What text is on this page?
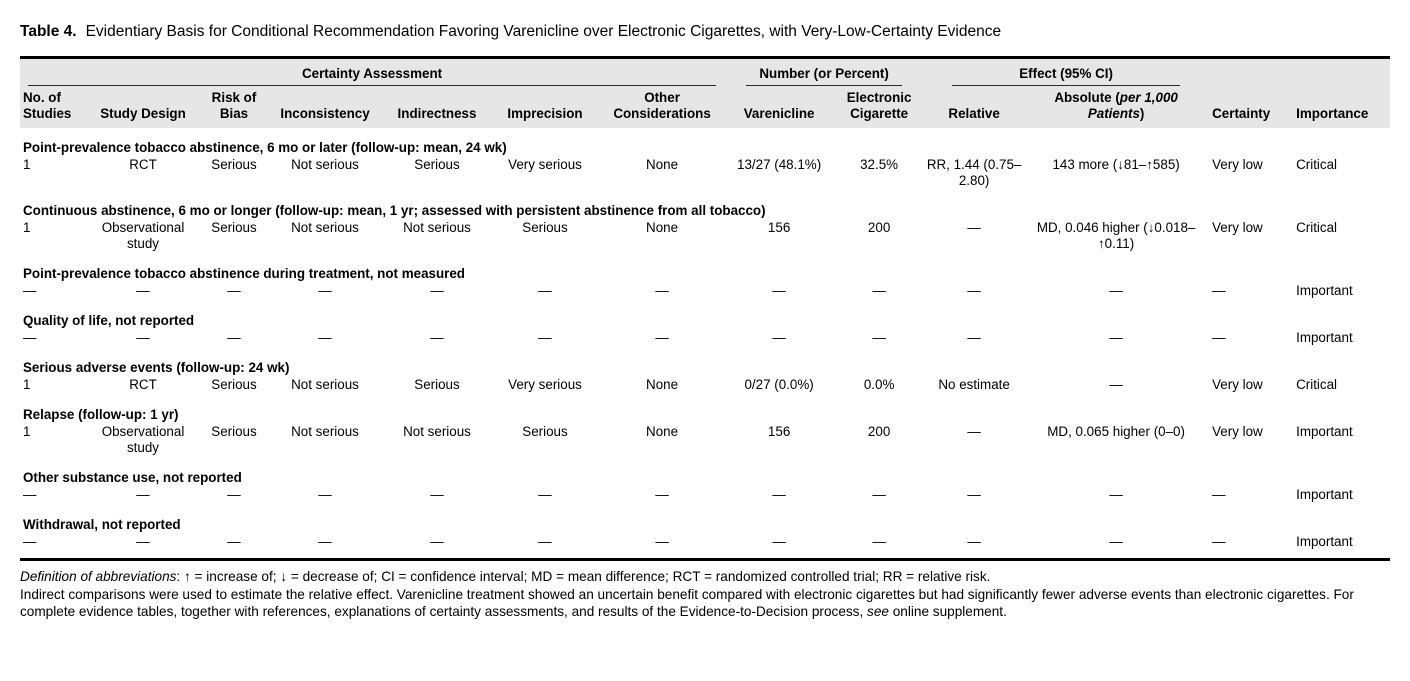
Table 4. Evidentiary Basis for Conditional Recommendation Favoring Varenicline over Electronic Cigarettes, with Very-Low-Certainty Evidence

Certainty Assessment							Number (or Percent)		Effect (95% CI)			

No. of Studies	Study Design	Risk of Bias	Inconsistency	Indirectness	Imprecision	Other Considerations	Varenicline	Electronic Cigarette	Relative	Absolute (per 1,000 Patients)	Certainty	Importance
Point-prevalence tobacco abstinence, 6 mo or later (follow-up: mean, 24 wk)												
1	RCT	Serious	Not serious	Serious	Very serious	None	13/27 (48.1%)	32.5%	RR, 1.44 (0.75–2.80)	143 more (↓81–↑585)	Very low	Critical
Continuous abstinence, 6 mo or longer (follow-up: mean, 1 yr; assessed with persistent abstinence from all tobacco)												
1	Observational study	Serious	Not serious	Not serious	Serious	None	156	200	—	MD, 0.046 higher (↓0.018–↑0.11)	Very low	Critical
Point-prevalence tobacco abstinence during treatment, not measured												
—	—	—	—	—	—	—	—	—	—	—	—	Important
Quality of life, not reported												
—	—	—	—	—	—	—	—	—	—	—	—	Important
Serious adverse events (follow-up: 24 wk)												
1	RCT	Serious	Not serious	Serious	Very serious	None	0/27 (0.0%)	0.0%	No estimate	—	Very low	Critical
Relapse (follow-up: 1 yr)												
1	Observational study	Serious	Not serious	Not serious	Serious	None	156	200	—	MD, 0.065 higher (0–0)	Very low	Important
Other substance use, not reported												
—	—	—	—	—	—	—	—	—	—	—	—	Important
Withdrawal, not reported												
—	—	—	—	—	—	—	—	—	—	—	—	Important

Definition of abbreviations: ↑ = increase of; ↓ = decrease of; CI = confidence interval; MD = mean difference; RCT = randomized controlled trial; RR = relative risk.

Indirect comparisons were used to estimate the relative effect. Varenicline treatment showed an uncertain benefit compared with electronic cigarettes but had significantly fewer adverse events than electronic cigarettes. For complete evidence tables, together with references, explanations of certainty assessments, and results of the Evidence-to-Decision process, see online supplement.
